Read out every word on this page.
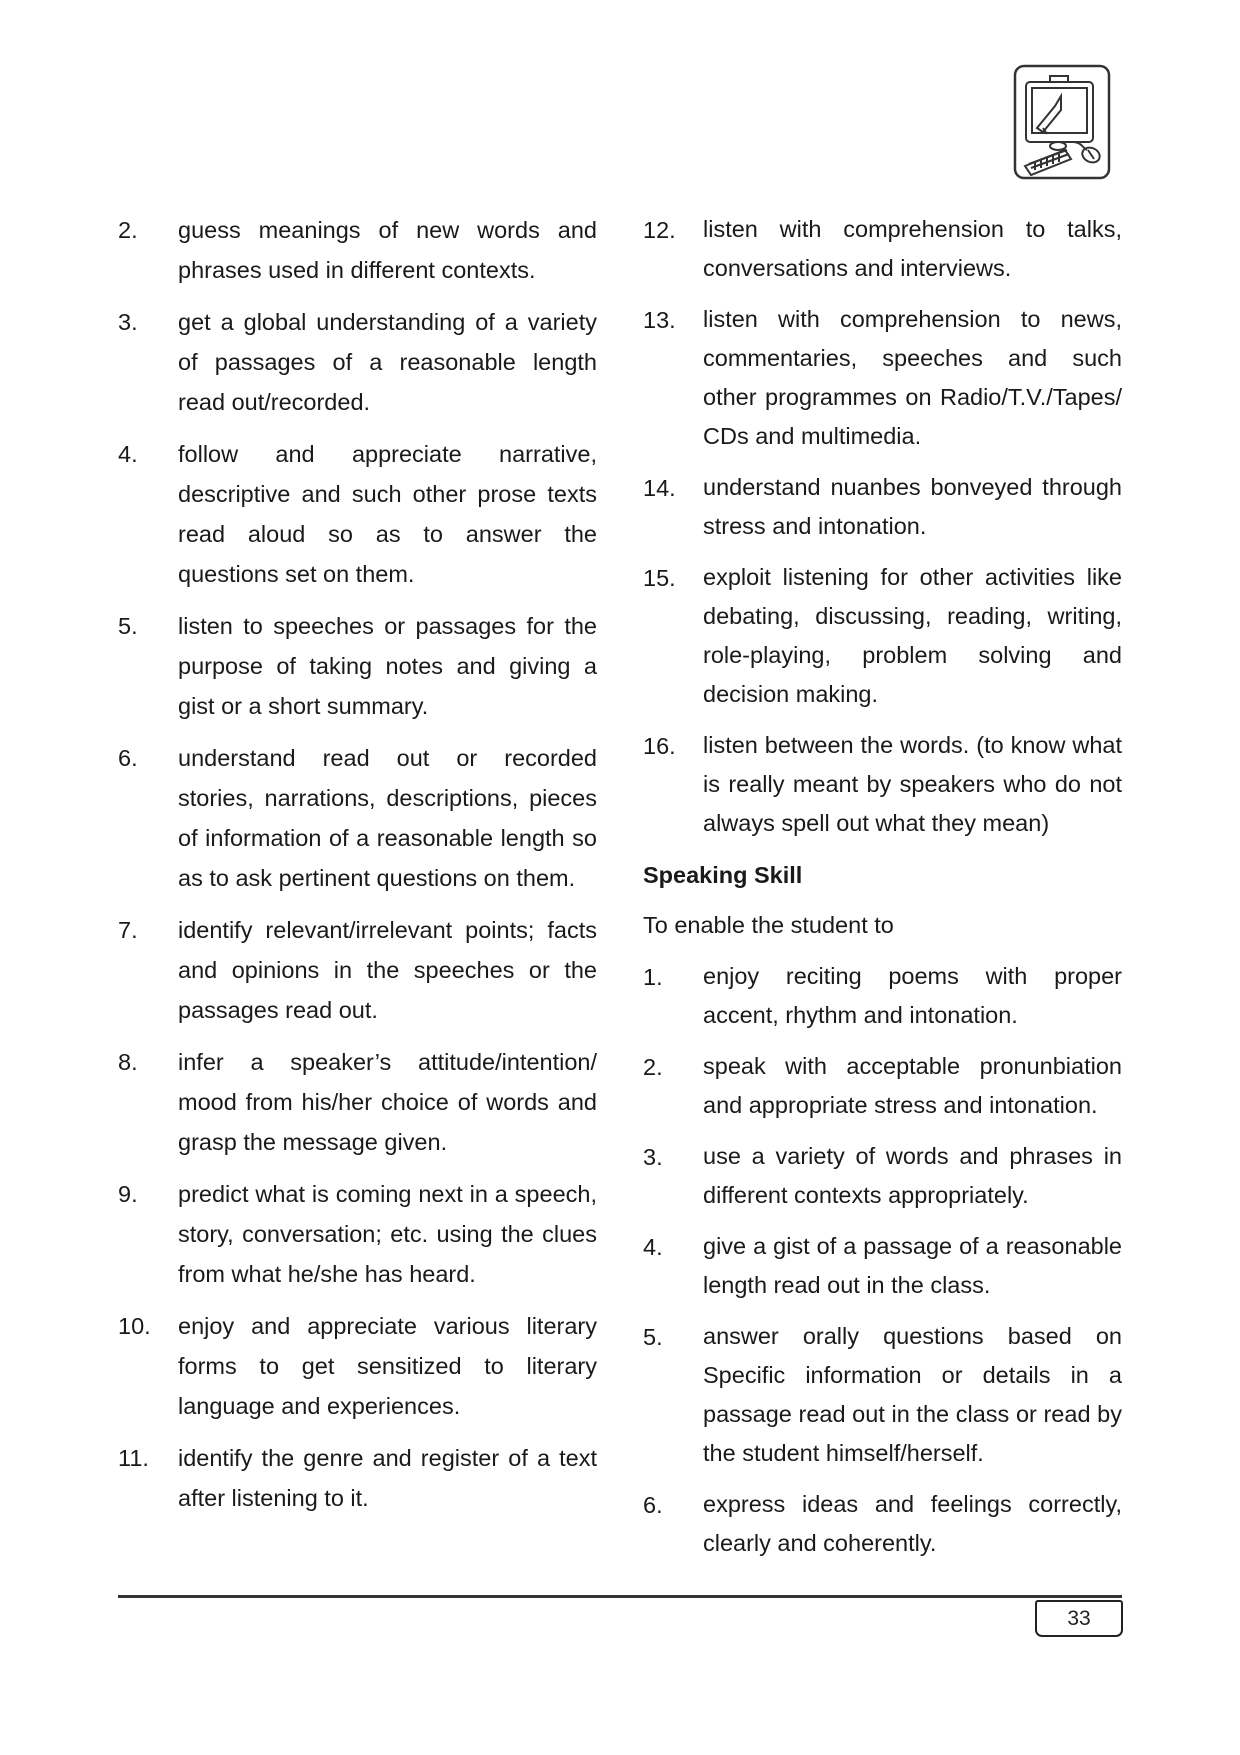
2.	guess meanings of new words and phrases used in different contexts.
3.	get a global understanding of a variety of passages of a reasonable length read out/recorded.
4.	follow and appreciate narrative, descriptive and such other prose texts read aloud so as to answer the questions set on them.
5.	listen to speeches or passages for the purpose of taking notes and giving a gist or a short summary.
6.	understand read out or recorded stories, narrations, descriptions, pieces of information of a reasonable length so as to ask pertinent questions on them.
7.	identify relevant/irrelevant points; facts and opinions in the speeches or the passages read out.
8.	infer a speaker’s attitude/intention/ mood from his/her choice of words and grasp the message given.
9.	predict what is coming next in a speech, story, conversation; etc. using the clues from what he/she has heard.
10.	enjoy and appreciate various literary forms to get sensitized to literary language and experiences.
11.	identify the genre and register of a text after listening to it.
12.	listen with comprehension to talks, conversations and interviews.
13.	listen with comprehension to news, commentaries, speeches and such other programmes on Radio/T.V./Tapes/ CDs and multimedia.
14.	understand nuanbes bonveyed through stress and intonation.
15.	exploit listening for other activities like debating, discussing, reading, writing, role-playing, problem solving and decision making.
16.	listen between the words. (to know what is really meant by speakers who do not always spell out what they mean)
Speaking Skill
To enable the student to
1.	enjoy reciting poems with proper accent, rhythm and intonation.
2.	speak with acceptable pronunbiation and appropriate stress and intonation.
3.	use a variety of words and phrases in different contexts appropriately.
4.	give a gist of a passage of a reasonable length read out in the class.
5.	answer orally questions based on Specific information or details in a passage read out in the class or read by the student himself/herself.
6.	express ideas and feelings correctly, clearly and coherently.
33
